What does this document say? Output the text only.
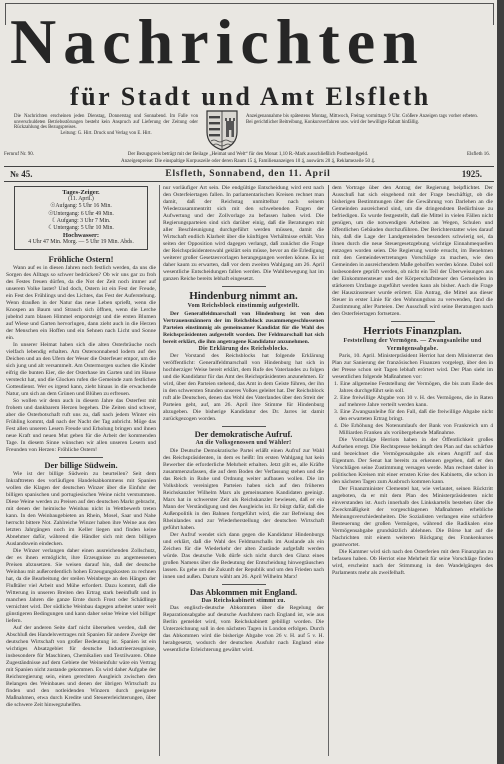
Nachrichten
für Stadt und Amt Elsfleth
Die Nachrichten erscheinen jeden Dienstag, Donnerstag und Sonnabend. Im Falle von unverschuldeten Betriebsstörungen besteht kein Anspruch auf Lieferung der Zeitung oder Rückzahlung des Bezugspreises.
Leitung: G. Hirt. Druck und Verlag von E. Hirt.
Anzeigenannahme bis spätestens Montag, Mittwoch, Freitag vormittags 9 Uhr. Größere Anzeigen tags vorher erbeten. Bei gerichtlicher Beitreibung, Konkursverfahren usw. wird der bewilligte Rabatt hinfällig.
Der Bezugspreis beträgt mit der Beilage „Heimat und Welt“ für den Monat 1,10 R.-Mark ausschließlich Postbestellgeld.
Fernruf Nr. 90.	Elsfleth 16.
Anzeigenpreise: Die einspaltige Korpuszeile oder deren Raum 15 ₰, Familienanzeigen 10 ₰, auswärts 20 ₰, Reklamezeile 50 ₰.
Elsfleth, Sonnabend, den 11. April
№ 45.	1925.
Tages-Zeiger.
(11. April.)
☉Aufgang: 5 Uhr 16 Min.
☉Untergang: 6 Uhr 49 Min.
☾Aufgang: 3 Uhr 7 Min.
☾Untergang: 5 Uhr 10 Min.
Hochwasser:
4 Uhr 47 Min. Morg. — 5 Uhr 19 Min. Abds.
Fröhliche Ostern!

Wann auf es in diesen Jahren noch festlich werden, da uns die Sorgen des Alltags so schwer bedrücken? Ob wir uns gar zu froh des Festes freuen dürfen, da die Not der Zeit noch immer auf unserem Volke lastet? Und doch, Ostern ist ein Fest der Freude, ein Fest des Frühlings und des Lichtes, das Fest der Auferstehung. Wenn draußen in der Natur das neue Leben sprießt, wenn die Knospen an Baum und Strauch sich öffnen, wenn die Lerche jubelnd zum blauen Himmel emporsteigt und die ersten Blumen auf Wiese und Garten hervorlugen, dann zieht auch in die Herzen der Menschen ein Hoffen und ein Sehnen nach Licht und Sonne ein.

In unserer Heimat haben sich die alten Osterbräuche noch vielfach lebendig erhalten. Am Ostersonnabend lodern auf den Deichen und an den Ufern der Weser die Osterfeuer empor, um die sich jung und alt versammelt. Am Ostermorgen suchen die Kinder eifrig die bunten Eier, die der Osterhase im Garten und im Hause versteckt hat, und die Glocken rufen die Gemeinde zum festlichen Gottesdienst. Wer es irgend kann, zieht hinaus in die erwachende Natur, um sich an dem Grünen und Blühen zu erfreuen.

So wollen wir denn auch in diesem Jahre das Osterfest mit frohem und dankbarem Herzen begehen. Die Zeiten sind schwer, aber die Osterbotschaft ruft uns zu, daß nach jedem Winter ein Frühling kommt, daß nach der Nacht der Tag anbricht. Möge das Fest allen unseren Lesern Freude und Erholung bringen und ihnen neue Kraft und neuen Mut geben für die Arbeit der kommenden Tage. In diesem Sinne wünschen wir allen unseren Lesern und Freunden von Herzen: Fröhliche Ostern!

Der billige Südwein.

Wie ist der billige Südwein zu beurteilen? Seit dem Inkrafttreten des vorläufigen Handelsabkommens mit Spanien wollen die Klagen der deutschen Winzer über die Einfuhr der billigen spanischen und portugiesischen Weine nicht verstummen. Diese Weine werden zu Preisen auf den deutschen Markt gebracht, mit denen der heimische Weinbau nicht in Wettbewerb treten kann. In den Weinbaugebieten an Rhein, Mosel, Saar und Nahe herrscht bittere Not. Zahlreiche Winzer haben ihre Weine aus den letzten Jahrgängen noch im Keller liegen und finden keine Abnehmer dafür, während die Händler sich mit dem billigen Auslandswein eindecken.

Die Winzer verlangen daher einen ausreichenden Zollschutz, der es ihnen ermöglicht, ihre Erzeugnisse zu angemessenen Preisen abzusetzen. Sie weisen darauf hin, daß der deutsche Weinbau mit außerordentlich hohen Erzeugungskosten zu rechnen hat, da die Bearbeitung der steilen Weinberge an den Hängen der Flußtäler viel Arbeit und Mühe erfordert. Dazu kommt, daß die Witterung in unseren Breiten den Ertrag stark beeinflußt und in manchen Jahren die ganze Ernte durch Frost oder Schädlinge vernichtet wird. Der südliche Weinbau dagegen arbeitet unter weit günstigeren Bedingungen und kann daher seine Weine viel billiger liefern.

Auf der anderen Seite darf nicht übersehen werden, daß der Abschluß des Handelsvertrages mit Spanien für andere Zweige der deutschen Wirtschaft von großer Bedeutung ist. Spanien ist ein wichtiges Absatzgebiet für deutsche Industrieerzeugnisse, insbesondere für Maschinen, Chemikalien und Textilwaren. Ohne Zugeständnisse auf dem Gebiete der Weineinfuhr wäre ein Vertrag mit Spanien nicht zustande gekommen. Es wird daher Aufgabe der Reichsregierung sein, einen gerechten Ausgleich zwischen den Belangen des Weinbaues und denen der übrigen Wirtschaft zu finden und den notleidenden Winzern durch geeignete Maßnahmen, etwa durch Kredite und Steuererleichterungen, über die schwere Zeit hinwegzuhelfen.

nur vorläufiger Art sein. Die endgültige Entscheidung wird erst nach den Osterfeiertagen fallen. In parlamentarischen Kreisen rechnet man damit, daß der Reichstag unmittelbar nach seinem Wiederzusammentritt sich mit den schwebenden Fragen der Aufwertung und der Zollvorlage zu befassen haben wird. Die Regierungsparteien sind sich darüber einig, daß die Beratungen mit aller Beschleunigung durchgeführt werden müssen, damit die Wirtschaft endlich Klarheit über die künftigen Verhältnisse erhält. Von seiten der Opposition wird dagegen verlangt, daß zunächst die Frage der Reichspräsidentenwahl geklärt sein müsse, bevor an die Erledigung weiterer großer Gesetzesvorlagen herangegangen werden könne. Es ist daher kaum zu erwarten, daß vor dem zweiten Wahlgang am 26. April wesentliche Entscheidungen fallen werden. Die Wahlbewegung hat im ganzen Reiche bereits lebhaft eingesetzt.

Hindenburg nimmt an.
Vom Reichsblock einstimmig aufgestellt.

Der Generalfeldmarschall von Hindenburg ist von den Vertrauensmännern der im Reichsblock zusammengeschlossenen Parteien einstimmig als gemeinsamer Kandidat für die Wahl des Reichspräsidenten aufgestellt worden. Der Feldmarschall hat sich bereit erklärt, die ihm angetragene Kandidatur anzunehmen.

Die Erklärung des Reichsblocks.

Der Vorstand des Reichsblocks hat folgende Erklärung veröffentlicht: Generalfeldmarschall von Hindenburg hat sich in hochherziger Weise bereit erklärt, dem Rufe des Vaterlandes zu folgen und die Kandidatur für das Amt des Reichspräsidenten anzunehmen. Er wird, über den Parteien stehend, das Amt in dem Geiste führen, der ihn in den schwersten Stunden unseres Volkes geleitet hat. Der Reichsblock ruft alle Deutschen, denen das Wohl des Vaterlandes über den Streit der Parteien geht, auf, am 26. April ihre Stimme für Hindenburg abzugeben. Die bisherige Kandidatur des Dr. Jarres ist damit zurückgezogen worden.

Der demokratische Aufruf.
An die Volksgenossen und Wähler!

Die Deutsche Demokratische Partei erläßt einen Aufruf zur Wahl des Reichspräsidenten, in dem es heißt: Im ersten Wahlgang hat kein Bewerber die erforderliche Mehrheit erhalten. Jetzt gilt es, alle Kräfte zusammenzufassen, die auf dem Boden der Verfassung stehen und die das Reich in Ruhe und Ordnung weiter aufbauen wollen. Die im Volksblock vereinigten Parteien haben sich auf den früheren Reichskanzler Wilhelm Marx als gemeinsamen Kandidaten geeinigt. Marx hat in schwerster Zeit als Reichskanzler bewiesen, daß er ein Mann der Verständigung und des Ausgleichs ist. Er bürgt dafür, daß die Außenpolitik in den Bahnen fortgeführt wird, die zur Befreiung des Rheinlandes und zur Wiederherstellung der deutschen Wirtschaft geführt haben.

Der Aufruf wendet sich dann gegen die Kandidatur Hindenburgs und erklärt, daß die Wahl des Feldmarschalls im Auslande als ein Zeichen für die Wiederkehr der alten Zustände aufgefaßt werden würde. Das deutsche Volk dürfe sich nicht durch den Glanz eines großen Namens über die Bedeutung der Entscheidung hinwegtäuschen lassen. Es gehe um die Zukunft der Republik und um den Frieden nach innen und außen. Darum wählt am 26. April Wilhelm Marx!

Das Abkommen mit England.
Das Reichskabinett stimmt zu.

Das englisch-deutsche Abkommen über die Regelung der Reparationsabgabe auf deutsche Ausfuhren nach England ist, wie aus Berlin gemeldet wird, vom Reichskabinett gebilligt worden. Die Unterzeichnung soll in den nächsten Tagen in London erfolgen. Durch das Abkommen wird die bisherige Abgabe von 26 v. H. auf 5 v. H. herabgesetzt, wodurch der deutschen Ausfuhr nach England eine wesentliche Erleichterung gewährt wird.

dem Vortrage über den Antrag der Regierung beipflichtet. Der Ausschuß hat sich eingehend mit der Frage beschäftigt, ob die bisherigen Bestimmungen über die Gewährung von Darlehen an die Gemeinden ausreichend sind, um die dringendsten Bedürfnisse zu befriedigen. Es wurde festgestellt, daß die Mittel in vielen Fällen nicht genügen, um die notwendigen Arbeiten an Wegen, Schulen und öffentlichen Gebäuden durchzuführen. Der Berichterstatter wies darauf hin, daß die Lage der Landgemeinden besonders schwierig sei, da ihnen durch die neue Steuergesetzgebung wichtige Einnahmequellen entzogen worden seien. Die Regierung wurde ersucht, im Benehmen mit den Gemeindevertretungen Vorschläge zu machen, wie den Gemeinden in ausreichendem Maße geholfen werden könne. Dabei soll insbesondere geprüft werden, ob nicht ein Teil der Überweisungen aus der Einkommensteuer und der Körperschaftsteuer den Gemeinden in stärkerem Umfange zugeführt werden kann als bisher. Auch die Frage der Hauszinssteuer wurde erörtert. Ein Antrag, die Mittel aus dieser Steuer in erster Linie für den Wohnungsbau zu verwenden, fand die Zustimmung aller Parteien. Der Ausschuß wird seine Beratungen nach den Osterfeiertagen fortsetzen.

Herriots Finanzplan.
Feststellung der Vermögen. — Zwangsanleihe und Vermögensabgabe.

Paris, 10. April. Ministerpräsident Herriot hat dem Ministerrat den Plan zur Sanierung der französischen Finanzen vorgelegt, über den in der Presse schon seit Tagen lebhaft erörtert wird. Der Plan sieht im wesentlichen folgende Maßnahmen vor:

1. Eine allgemeine Feststellung der Vermögen, die bis zum Ende des Jahres durchgeführt sein soll.

2. Eine freiwillige Abgabe von 10 v. H. des Vermögens, die in Raten auf mehrere Jahre verteilt werden kann.

3. Eine Zwangsanleihe für den Fall, daß die freiwillige Abgabe nicht den erwarteten Ertrag bringt.

4. Die Erhöhung des Notenumlaufs der Bank von Frankreich um 4 Milliarden Franken als vorübergehende Maßnahme.

Die Vorschläge Herriots haben in der Öffentlichkeit großes Aufsehen erregt. Die Rechtspresse bekämpft den Plan auf das schärfste und bezeichnet die Vermögensabgabe als einen Angriff auf das Eigentum. Der Senat hat bereits zu erkennen gegeben, daß er den Vorschlägen seine Zustimmung versagen werde. Man rechnet daher in politischen Kreisen mit einer ernsten Krise des Kabinetts, die schon in den nächsten Tagen zum Ausbruch kommen kann.

Der Finanzminister Clementel hat, wie verlautet, seinen Rücktritt angeboten, da er mit dem Plan des Ministerpräsidenten nicht einverstanden ist. Auch innerhalb des Linkskartells bestehen über die Zweckmäßigkeit der vorgeschlagenen Maßnahmen erhebliche Meinungsverschiedenheiten. Die Sozialisten verlangen eine schärfere Besteuerung der großen Vermögen, während die Radikalen eine Vermögensabgabe grundsätzlich ablehnen. Die Börse hat auf die Nachrichten mit einem weiteren Rückgang des Frankenkurses geantwortet.

Die Kammer wird sich nach den Osterferien mit dem Finanzplan zu befassen haben. Ob Herriot eine Mehrheit für seine Vorschläge finden wird, erscheint nach der Stimmung in den Wandelgängen des Parlaments mehr als zweifelhaft.
